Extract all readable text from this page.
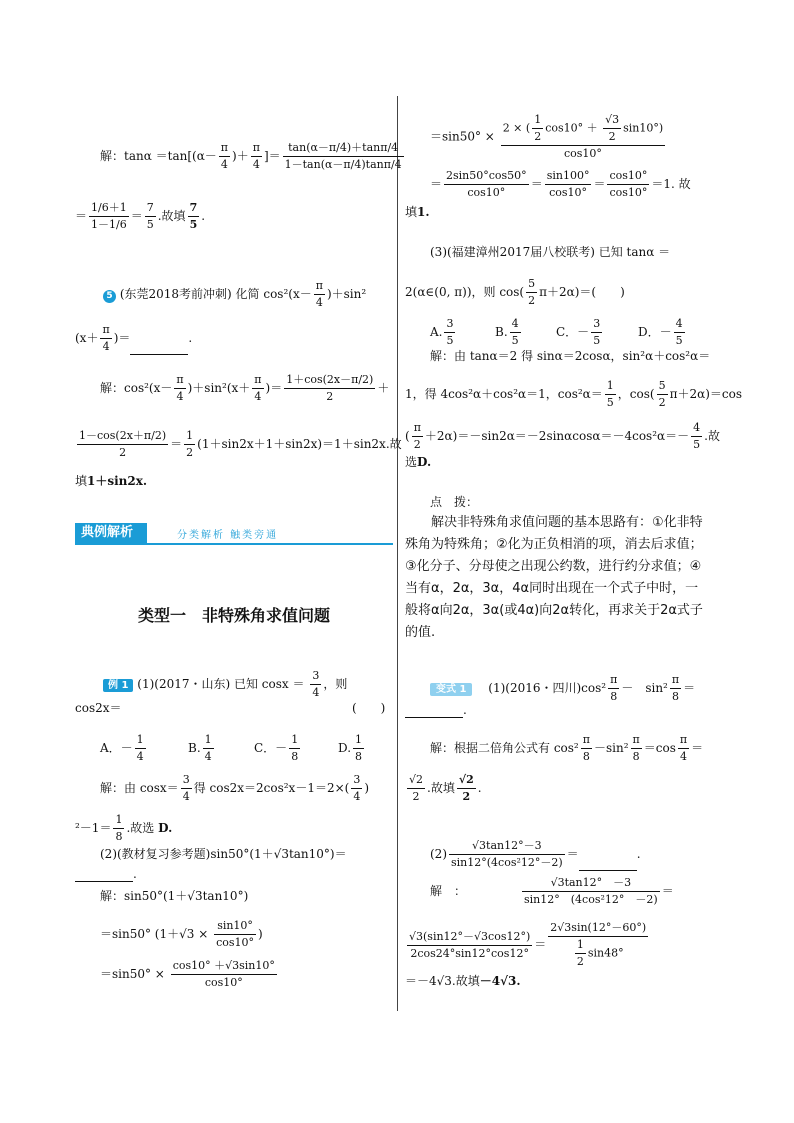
解：$\tan\alpha =\tan[(\alpha- \frac{\pi}{4}$ )＋ $\frac{\pi}{4}$ ]＝ $\frac{\tan(\alpha-\pi/4)+\tan\pi/4}{1-\tan(\alpha-\pi/4)\tan\pi/4}$
＝ $\frac{1/6+1}{1-1/6} = \frac{7}{5}$ .故填 $\frac{7}{5}$ .
5 (东莞2018考前冲刺) 化简 $\cos^2(x- \frac{\pi}{4} )+\sin^2$
($x+ \frac{\pi}{4}$ )＝	.
解：$\cos^2(x- \frac{\pi}{4} )+\sin^2(x+ \frac{\pi}{4}$ )＝ $\frac{1+\cos(2x-\pi/2)}{2}$ ＋
$\frac{1-\cos(2x+\pi/2)}{2} = \frac{1}{2} (1+\sin 2x+1+\sin 2x)=1+\sin 2x$.故
填1＋sin2x.
典例解析	分类解析 触类旁通
类型一　非特殊角求值问题
例 1 (1)(2017・山东) 已知 $\cos x = \frac{3}{4}$ ，则
cos2x＝	(　　)
A．－ $\frac{1}{4}$	B. $\frac{1}{4}$	C．－ $\frac{1}{8}$	D. $\frac{1}{8}$
解：由 $\cos x= \frac{3}{4}$ 得 $\cos 2x=2\cos^2x-1=2\times( \frac{3}{4}$ )
$^2-1= \frac{1}{8}$ .故选 D.
(2)(教材复习参考题)sin50°(1＋√3tan10°)＝
.
解：sin50°(1＋√3tan10°)
＝sin50° ($1+√3 \times \frac{\sin 10^\circ}{\cos 10^\circ}$ )
$=\sin 50^\circ \times \frac{\cos 10^\circ +√3\sin 10^\circ}{\cos 10^\circ}$
$=\sin 50^\circ \times \frac{2 \times ( \frac{1}{2} \cos 10^\circ + \frac{√3}{2} \sin 10^\circ)}{\cos 10^\circ}$
＝ $\frac{2\sin 50^\circ\cos 50^\circ}{\cos 10^\circ} = \frac{\sin 100^\circ}{\cos 10^\circ} = \frac{\cos 10^\circ}{\cos 10^\circ} =1$. 故
填1.
(3)(福建漳州2017届八校联考) 已知 tanα ＝
2(α∈(0, π))，则 $\cos( \frac{5}{2} \pi+2\alpha)=$(　　)
A. $\frac{3}{5}$	B. $\frac{4}{5}$	C．－ $\frac{3}{5}$	D．－ $\frac{4}{5}$
解：由 tanα＝2 得 sinα＝2cosα，sin²α＋cos²α＝
1，得 4cos²α＋cos²α＝1，$\cos^2\alpha= \frac{1}{5}$ ，$\cos( \frac{5}{2} \pi+2\alpha)=\cos$
( $\frac{\pi}{2} +2\alpha)=-\sin 2\alpha=-2\sin\alpha\cos\alpha=-4\cos^2\alpha=- \frac{4}{5}$ .故
选D.
点　拨：
解决非特殊角求值问题的基本思路有：①化非特殊角为特殊角；②化为正负相消的项，消去后求值；③化分子、分母使之出现公约数，进行约分求值；④当有α，2α，3α，4α同时出现在一个式子中时，一般将α向2α，3α(或4α)向2α转化，再求关于2α式子的值.
变式 1 　(1)(2016・四川)$\cos^2 \frac{\pi}{8}$ －　$\sin^2 \frac{\pi}{8}$ ＝
.
解：根据二倍角公式有 $\cos^2 \frac{\pi}{8} -\sin^2 \frac{\pi}{8} =\cos \frac{\pi}{4}$ ＝
$\frac{√2}{2}$ .故填 $\frac{√2}{2}$ .
$(2) \frac{√3\tan 12^\circ-3}{\text{sin12°(4cos²12°－2)}}$ ＝	.
解　：　　　　　 $\frac{√3\tan 12^\circ -3}{\text{sin12°　(4cos²12°　－2)}}$ ＝
$\frac{√3(\sin 12^\circ-√3\cos 12^\circ)}{2\cos 24^\circ\sin 12^\circ\cos 12^\circ} = \frac{2√3\sin(12^\circ-60^\circ)}{\frac{1}{2} \sin 48^\circ}$
＝－4√3.故填－4√3.
